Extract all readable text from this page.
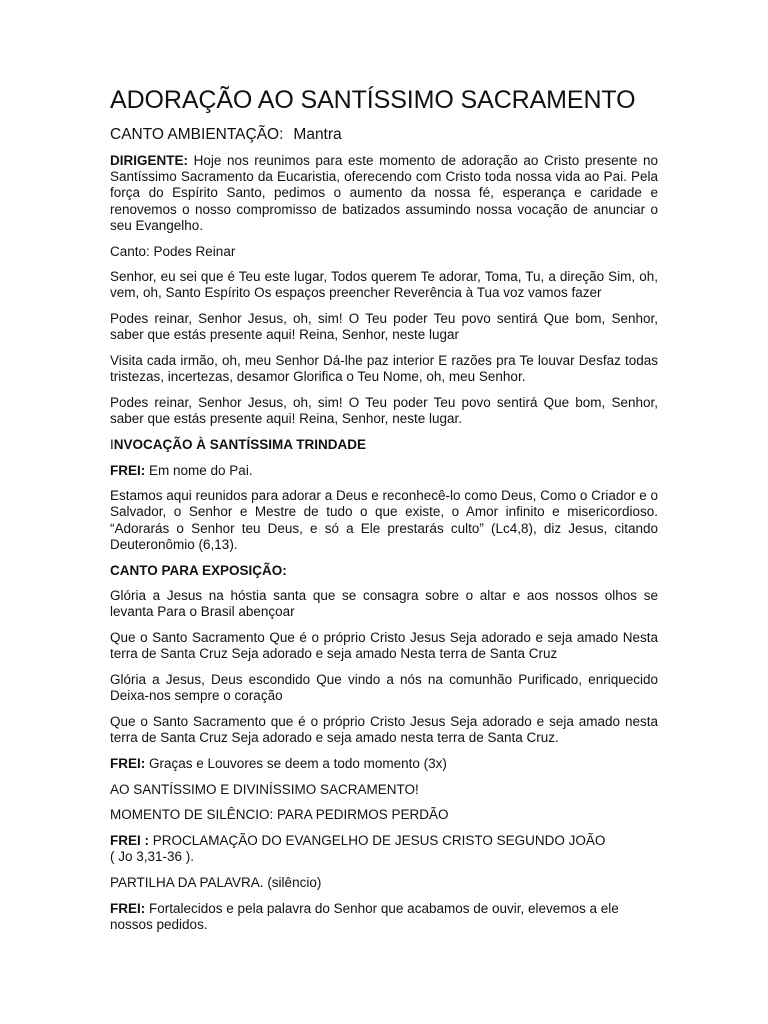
ADORAÇÃO AO SANTÍSSIMO SACRAMENTO
CANTO AMBIENTAÇÃO: Mantra

DIRIGENTE: Hoje nos reunimos para este momento de adoração ao Cristo presente no Santíssimo Sacramento da Eucaristia, oferecendo com Cristo toda nossa vida ao Pai. Pela força do Espírito Santo, pedimos o aumento da nossa fé, esperança e caridade e renovemos o nosso compromisso de batizados assumindo nossa vocação de anunciar o seu Evangelho.

Canto: Podes Reinar

Senhor, eu sei que é Teu este lugar, Todos querem Te adorar, Toma, Tu, a direção Sim, oh, vem, oh, Santo Espírito Os espaços preencher Reverência à Tua voz vamos fazer

Podes reinar, Senhor Jesus, oh, sim! O Teu poder Teu povo sentirá Que bom, Senhor, saber que estás presente aqui! Reina, Senhor, neste lugar

Visita cada irmão, oh, meu Senhor Dá-lhe paz interior E razões pra Te louvar Desfaz todas tristezas, incertezas, desamor Glorifica o Teu Nome, oh, meu Senhor.

Podes reinar, Senhor Jesus, oh, sim! O Teu poder Teu povo sentirá Que bom, Senhor, saber que estás presente aqui! Reina, Senhor, neste lugar.

INVOCAÇÃO À SANTÍSSIMA TRINDADE

FREI: Em nome do Pai.

Estamos aqui reunidos para adorar a Deus e reconhecê-lo como Deus, Como o Criador e o Salvador, o Senhor e Mestre de tudo o que existe, o Amor infinito e misericordioso. “Adorarás o Senhor teu Deus, e só a Ele prestarás culto” (Lc4,8), diz Jesus, citando Deuteronômio (6,13).

CANTO PARA EXPOSIÇÃO:

Glória a Jesus na hóstia santa que se consagra sobre o altar e aos nossos olhos se levanta Para o Brasil abençoar

Que o Santo Sacramento Que é o próprio Cristo Jesus Seja adorado e seja amado Nesta terra de Santa Cruz Seja adorado e seja amado Nesta terra de Santa Cruz

Glória a Jesus, Deus escondido Que vindo a nós na comunhão Purificado, enriquecido Deixa-nos sempre o coração

Que o Santo Sacramento que é o próprio Cristo Jesus Seja adorado e seja amado nesta terra de Santa Cruz Seja adorado e seja amado nesta terra de Santa Cruz.

FREI: Graças e Louvores se deem a todo momento (3x)

AO SANTÍSSIMO E DIVINÍSSIMO SACRAMENTO!

MOMENTO DE SILÊNCIO: PARA PEDIRMOS PERDÃO

FREI : PROCLAMAÇÃO DO EVANGELHO DE JESUS CRISTO SEGUNDO JOÃO
( Jo 3,31-36 ).

PARTILHA DA PALAVRA. (silêncio)

FREI: Fortalecidos e pela palavra do Senhor que acabamos de ouvir, elevemos a ele nossos pedidos.
